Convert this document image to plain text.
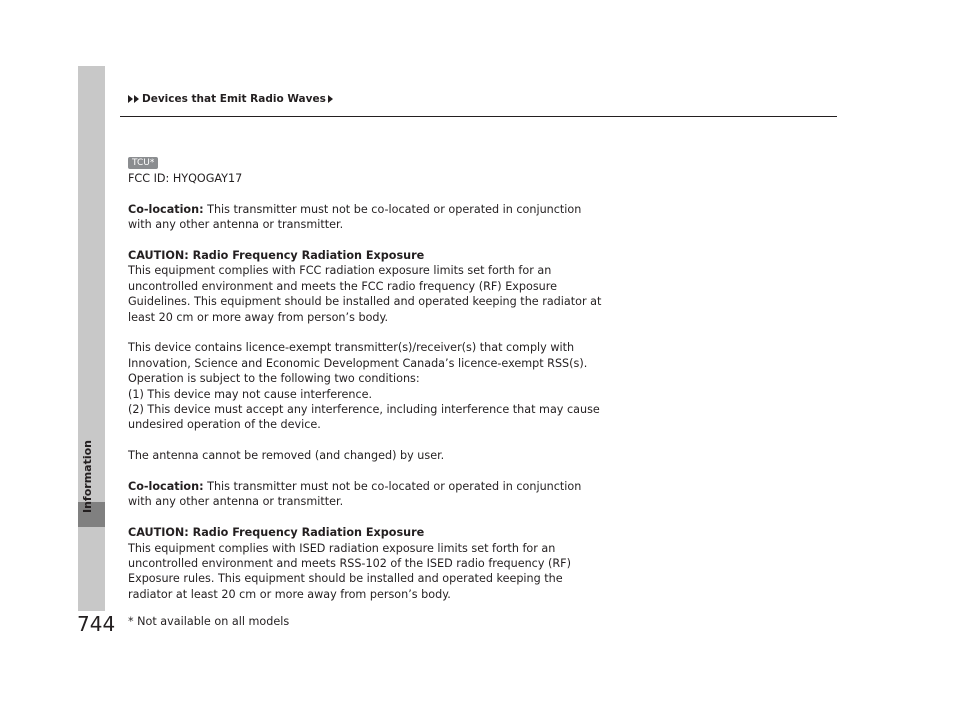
Information
Devices that Emit Radio Waves
TCU*

FCC ID: HYQOGAY17

Co-location: This transmitter must not be co-located or operated in conjunction
with any other antenna or transmitter.

CAUTION: Radio Frequency Radiation Exposure
This equipment complies with FCC radiation exposure limits set forth for an
uncontrolled environment and meets the FCC radio frequency (RF) Exposure
Guidelines. This equipment should be installed and operated keeping the radiator at
least 20 cm or more away from person’s body.

This device contains licence-exempt transmitter(s)/receiver(s) that comply with
Innovation, Science and Economic Development Canada’s licence-exempt RSS(s).
Operation is subject to the following two conditions:
(1) This device may not cause interference.
(2) This device must accept any interference, including interference that may cause
undesired operation of the device.

The antenna cannot be removed (and changed) by user.

Co-location: This transmitter must not be co-located or operated in conjunction
with any other antenna or transmitter.

CAUTION: Radio Frequency Radiation Exposure
This equipment complies with ISED radiation exposure limits set forth for an
uncontrolled environment and meets RSS-102 of the ISED radio frequency (RF)
Exposure rules. This equipment should be installed and operated keeping the
radiator at least 20 cm or more away from person’s body.

744 * Not available on all models
